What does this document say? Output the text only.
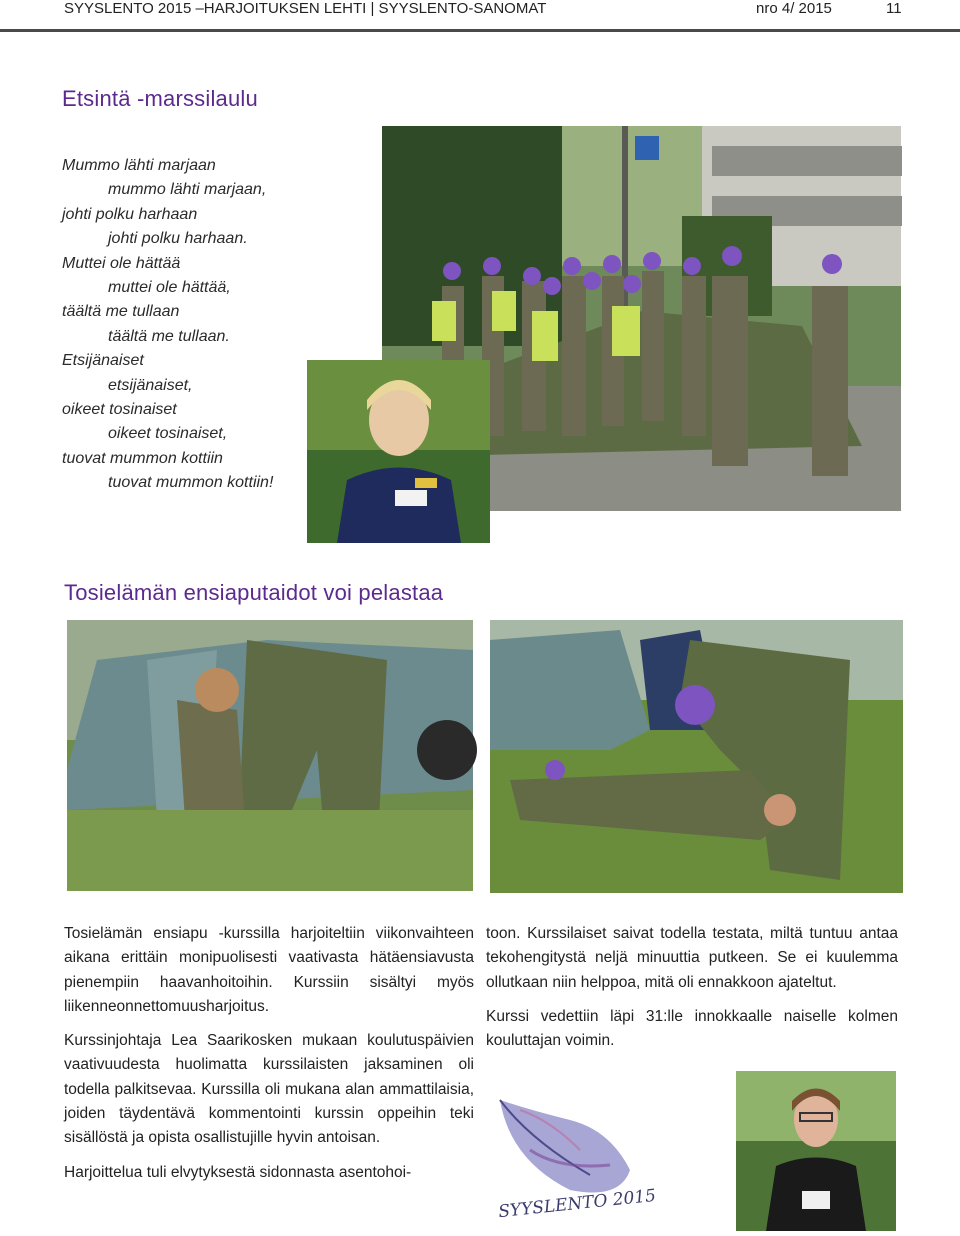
SYYSLENTO 2015 –HARJOITUKSEN LEHTI | SYYSLENTO-SANOMAT	nro 4/ 2015	11
Etsintä -marssilaulu
Mummo lähti marjaan
mummo lähti marjaan,
johti polku harhaan
johti polku harhaan.
Muttei ole hättää
muttei ole hättää,
täältä me tullaan
täältä me tullaan.
Etsijänaiset
etsijänaiset,
oikeet tosinaiset
oikeet tosinaiset,
tuovat mummon kottiin
tuovat mummon kottiin!
Tosielämän ensiaputaidot voi pelastaa

Tosielämän ensiapu -kurssilla harjoiteltiin viikonvaihteen aikana erittäin monipuolisesti vaativasta hätäensiavusta pienempiin haavanhoitoihin. Kurssiin sisältyi myös liikenneonnettomuusharjoitus.

Kurssinjohtaja Lea Saarikosken mukaan koulutuspäivien vaativuudesta huolimatta kurssilaisten jaksaminen oli todella palkitsevaa. Kurssilla oli mukana alan ammattilaisia, joiden täydentävä kommentointi kurssin oppeihin teki sisällöstä ja opista osallistujille hyvin antoisan.

Harjoittelua tuli elvytyksestä sidonnasta asentohoi-

toon. Kurssilaiset saivat todella testata, miltä tuntuu antaa tekohengitystä neljä minuuttia putkeen. Se ei kuulemma ollutkaan niin helppoa, mitä oli ennakkoon ajateltut.

Kurssi vedettiin läpi 31:lle innokkaalle naiselle kolmen kouluttajan voimin.

SYYSLENTO 2015
